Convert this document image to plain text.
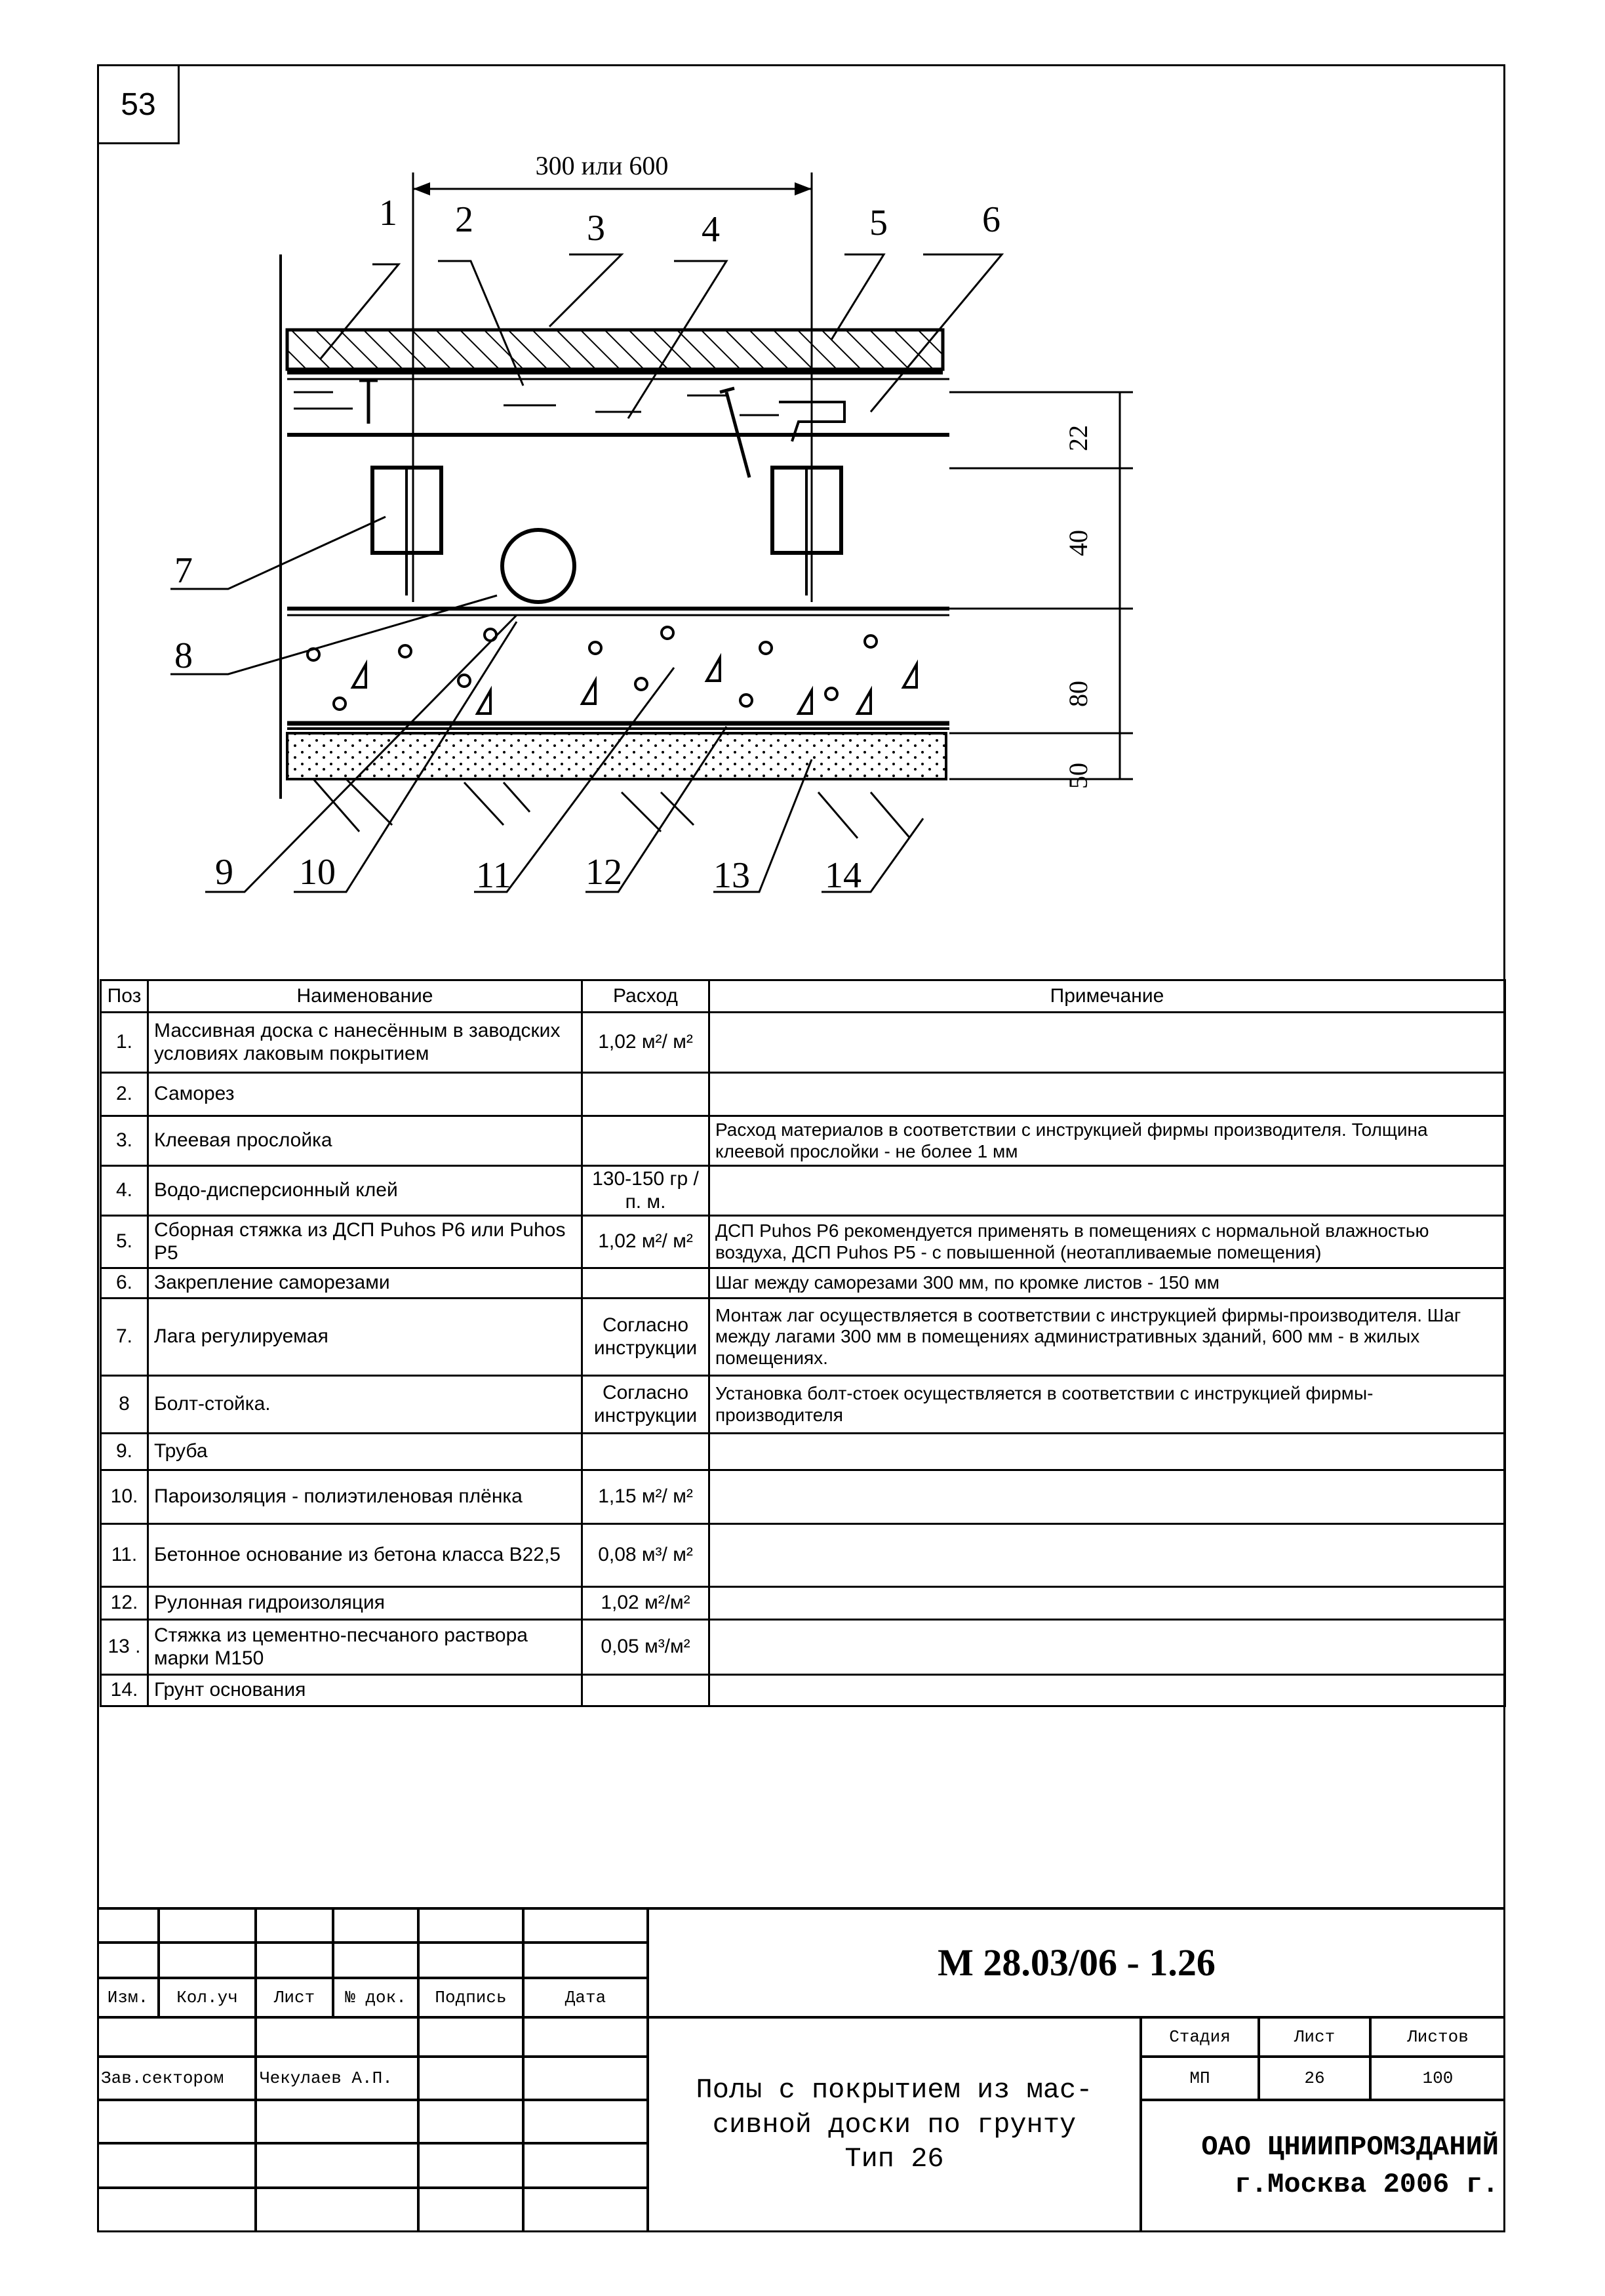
53
300 или 600
22
40
80
50
1 2	3	4	5	6
7
8
9 10	11 12 13 14
Поз	Наименование	Расход	Примечание
1.	Массивная доска с нанесённым в заводских условиях лаковым покрытием	1,02 м²/ м²	
2.	Саморез		
3.	Клеевая прослойка		Расход материалов в соответствии с инструкцией фирмы производителя. Толщина клеевой прослойки - не более 1 мм
4.	Водо-дисперсионный клей	130-150 гр /п. м.	
5.	Сборная стяжка из ДСП Puhos P6 или Puhos P5	1,02 м²/ м²	ДСП Puhos P6 рекомендуется применять в помещениях с нормальной влажностью воздуха, ДСП Puhos P5 - с повышенной (неотапливаемые помещения)
6.	Закрепление саморезами		Шаг между саморезами 300 мм, по кромке листов - 150 мм
7.	Лага регулируемая	Согласно инструкции	Монтаж лаг осуществляется в соответствии с инструкцией фирмы-производителя. Шаг между лагами 300 мм в помещениях административных зданий, 600 мм - в жилых помещениях.
8	Болт-стойка.	Согласно инструкции	Установка болт-стоек осуществляется в соответствии с инструкцией фирмы-производителя
9.	Труба		
10.	Пароизоляция - полиэтиленовая плёнка	1,15 м²/ м²	
11.	Бетонное основание из бетона класса В22,5	0,08 м³/ м²	
12.	Рулонная гидроизоляция	1,02 м²/м²	
13 .	Стяжка из цементно-песчаного раствора марки М150	0,05 м³/м²	
14.	Грунт основания		
Изм.	Кол.уч	Лист	№ док.	Подпись	Дата
Зав.сектором	Чекулаев А.П.
М 28.03/06 - 1.26
Полы с покрытием из мас-
сивной доски по грунту
Тип 26
Стадия	Лист	Листов
МП	26	100
ОАО ЦНИИПРОМЗДАНИЙ
г.Москва 2006 г.
